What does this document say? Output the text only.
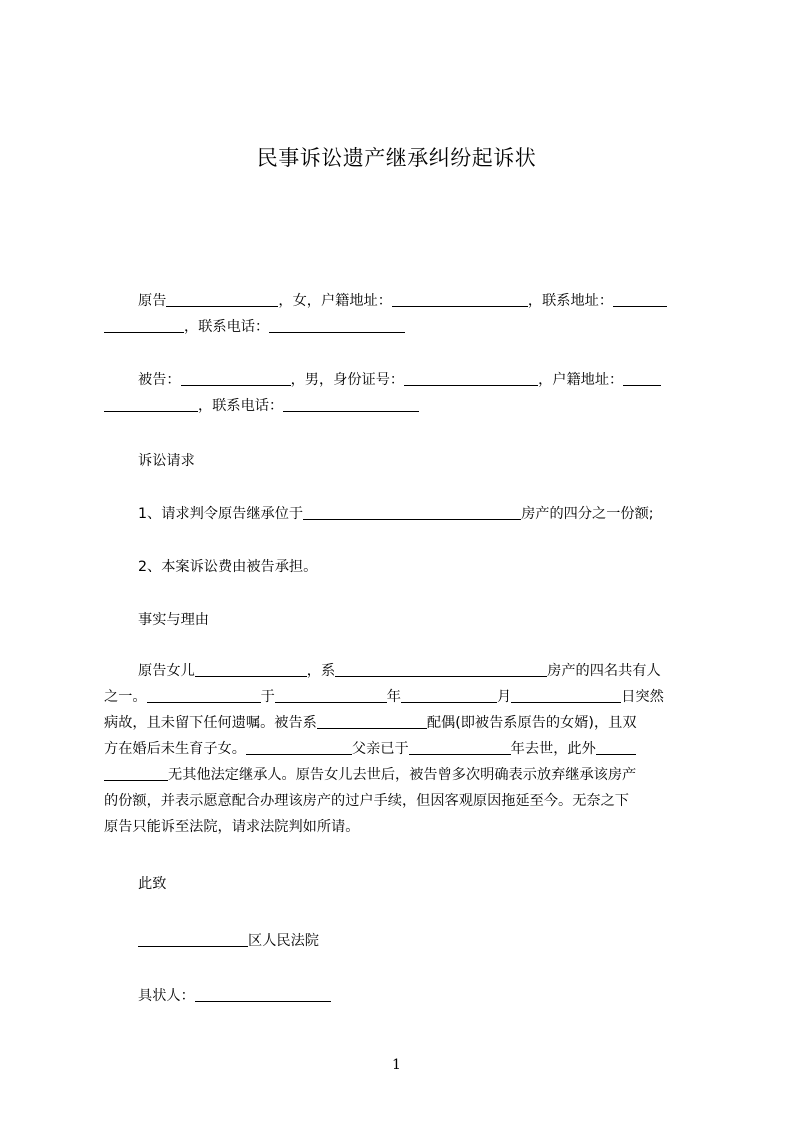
民事诉讼遗产继承纠纷起诉状
原告	，女，户籍地址：	，联系地址：
，联系电话：
被告：	，男，身份证号：	，户籍地址：
，联系电话：
诉讼请求
1、请求判令原告继承位于	房产的四分之一份额;
2、本案诉讼费由被告承担。
事实与理由
原告女儿	，系	房产的四名共有人
之一。	于	年	月	日突然
病故，且未留下任何遗嘱。被告系	配偶(即被告系原告的女婿)，且双
方在婚后未生育子女。	父亲已于	年去世，此外
无其他法定继承人。原告女儿去世后，被告曾多次明确表示放弃继承该房产
的份额，并表示愿意配合办理该房产的过户手续，但因客观原因拖延至今。无奈之下
原告只能诉至法院，请求法院判如所请。
此致
区人民法院
具状人：
1
